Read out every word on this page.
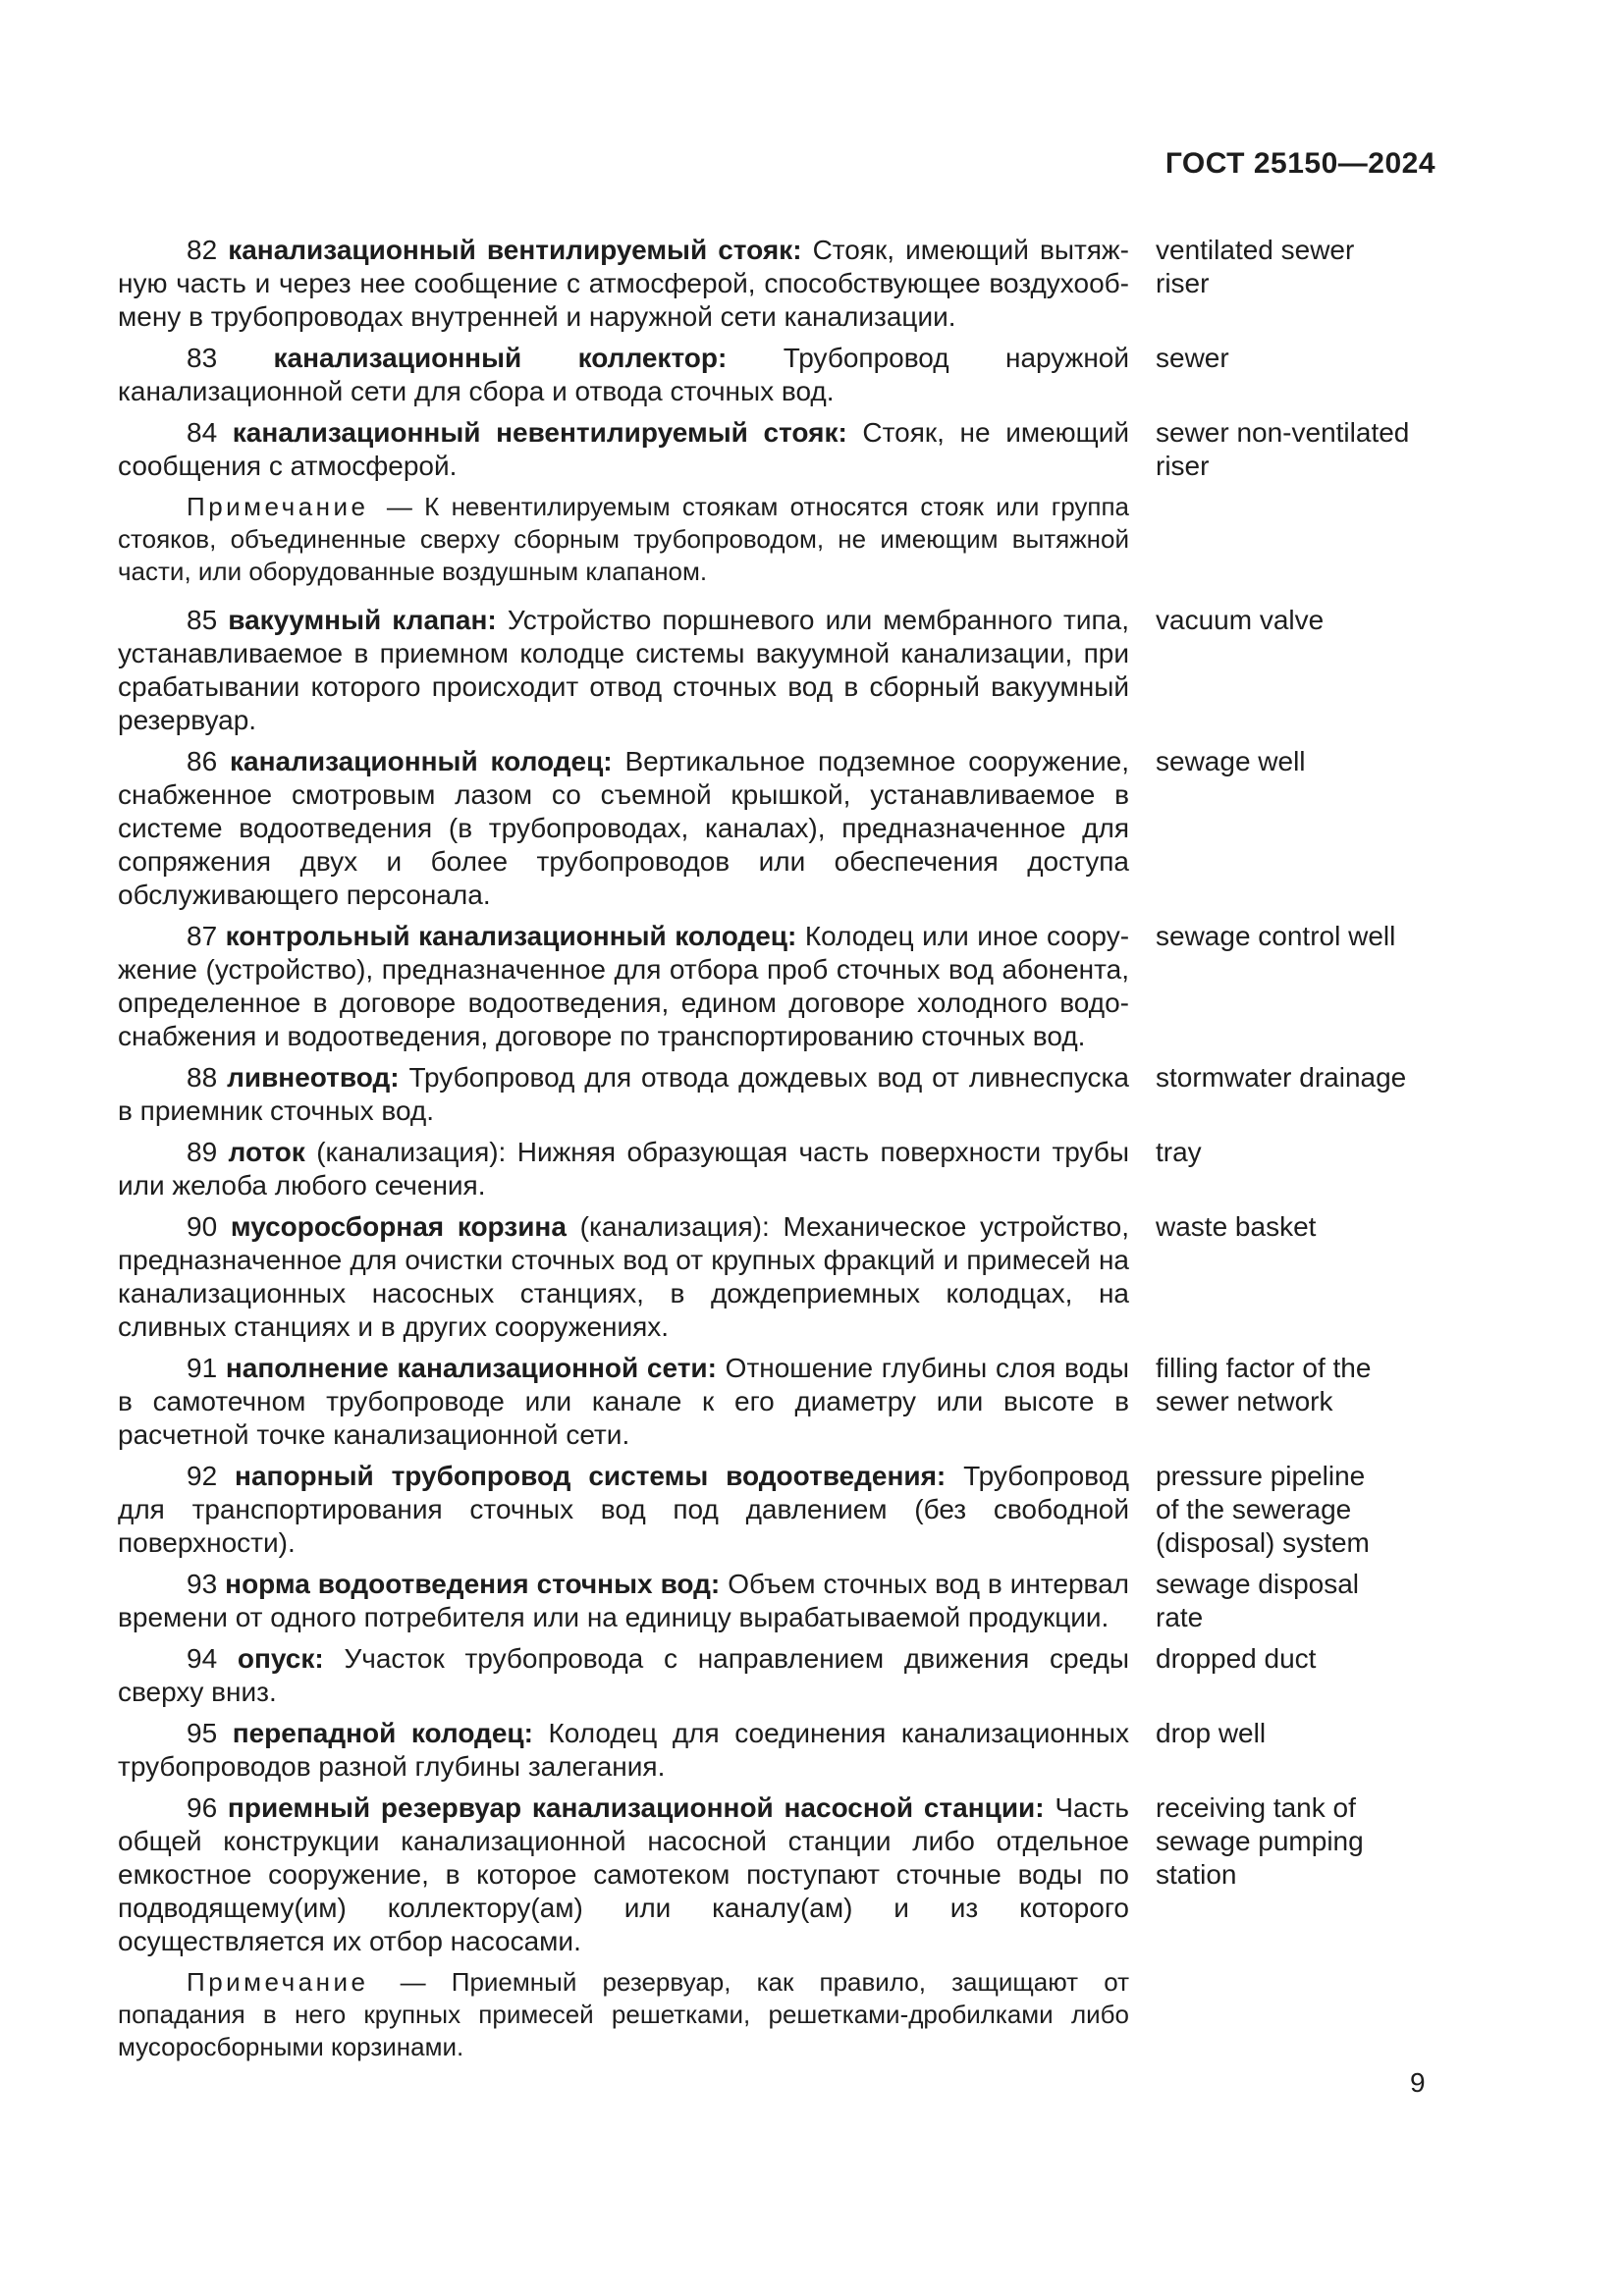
ГОСТ 25150—2024

82 канализационный вентилируемый стояк: Стояк, имеющий вытяжную часть и через нее сообщение с атмосферой, способствующее воздухообмену в трубопроводах внутренней и наружной сети канализации.

ventilated sewer
riser

83 канализационный коллектор: Трубопровод наружной канализационной сети для сбора и отвода сточных вод.

sewer

84 канализационный невентилируемый стояк: Стояк, не имеющий сообщения с атмосферой.

sewer non-ventilated
riser

Примечание — К невентилируемым стоякам относятся стояк или группа стояков, объединенные сверху сборным трубопроводом, не имеющим вытяжной части, или оборудованные воздушным клапаном.

85 вакуумный клапан: Устройство поршневого или мембранного типа, устанавливаемое в приемном колодце системы вакуумной канализации, при срабатывании которого происходит отвод сточных вод в сборный вакуумный резервуар.

vacuum valve

86 канализационный колодец: Вертикальное подземное сооружение, снабженное смотровым лазом со съемной крышкой, устанавливаемое в системе водоотведения (в трубопроводах, каналах), предназначенное для сопряжения двух и более трубопроводов или обеспечения доступа обслуживающего персонала.

sewage well

87 контрольный канализационный колодец: Колодец или иное сооружение (устройство), предназначенное для отбора проб сточных вод абонента, определенное в договоре водоотведения, едином договоре холодного водоснабжения и водоотведения, договоре по транспортированию сточных вод.

sewage control well

88 ливнеотвод: Трубопровод для отвода дождевых вод от ливнеспуска в приемник сточных вод.

stormwater drainage

89 лоток (канализация): Нижняя образующая часть поверхности трубы или желоба любого сечения.

tray

90 мусоросборная корзина (канализация): Механическое устройство, предназначенное для очистки сточных вод от крупных фракций и примесей на канализационных насосных станциях, в дождеприемных колодцах, на сливных станциях и в других сооружениях.

waste basket

91 наполнение канализационной сети: Отношение глубины слоя воды в самотечном трубопроводе или канале к его диаметру или высоте в расчетной точке канализационной сети.

filling factor of the
sewer network

92 напорный трубопровод системы водоотведения: Трубопровод для транспортирования сточных вод под давлением (без свободной поверхности).

pressure pipeline
of the sewerage
(disposal) system

93 норма водоотведения сточных вод: Объем сточных вод в интервал времени от одного потребителя или на единицу вырабатываемой продукции.

sewage disposal
rate

94 опуск: Участок трубопровода с направлением движения среды сверху вниз.

dropped duct

95 перепадной колодец: Колодец для соединения канализационных трубопроводов разной глубины залегания.

drop well

96 приемный резервуар канализационной насосной станции: Часть общей конструкции канализационной насосной станции либо отдельное емкостное сооружение, в которое самотеком поступают сточные воды по подводящему(им) коллектору(ам) или каналу(ам) и из которого осуществляется их отбор насосами.

receiving tank of
sewage pumping
station

Примечание — Приемный резервуар, как правило, защищают от попадания в него крупных примесей решетками, решетками-дробилками либо мусоросборными корзинами.

9
